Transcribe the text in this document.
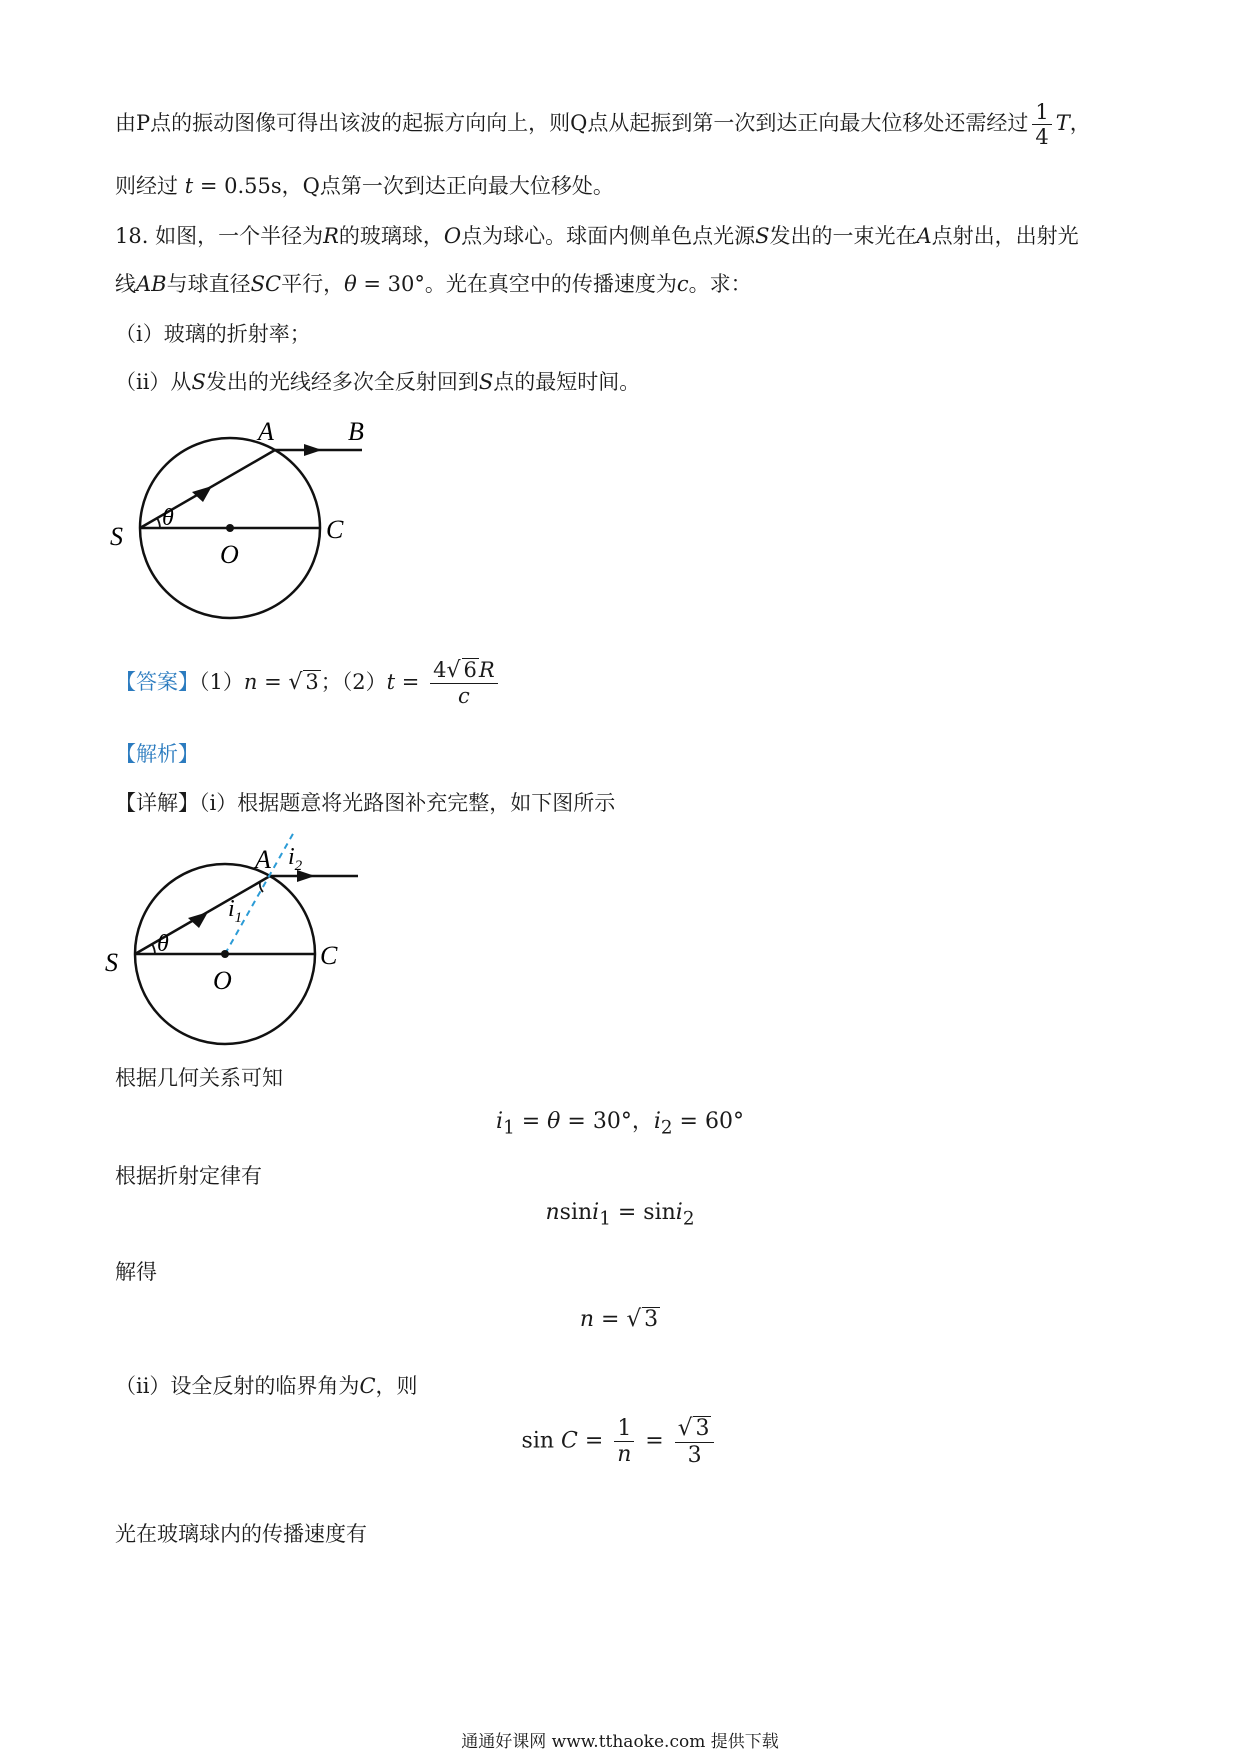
由P点的振动图像可得出该波的起振方向向上，则Q点从起振到第一次到达正向最大位移处还需经过 $\frac{1}{4}$ T，
则经过 t = 0.55s，Q点第一次到达正向最大位移处。
18. 如图，一个半径为R的玻璃球，O点为球心。球面内侧单色点光源S发出的一束光在A点射出，出射光
线AB与球直径SC平行，θ = 30°。光在真空中的传播速度为c。求：
（i）玻璃的折射率；
（ii）从S发出的光线经多次全反射回到S点的最短时间。
A	B
S
O
C
θ
【答案】（1）n = √ 3；$(2)t = \frac{4√ 6R}{c}$
【解析】
【详解】（i）根据题意将光路图补充完整，如下图所示
A $i_2$
$i_1$
S
O
C
θ
根据几何关系可知
$i_1 = \theta = 30^\circ$，$i_2 = 60^\circ$
根据折射定律有
nsini$_1$ = sini$_2$
解得
n = √ 3
（ii）设全反射的临界角为C，则
$\sin C = \frac{1}{n} = \frac{√ 3}{3}$
光在玻璃球内的传播速度有
通通好课网 www.tthaoke.com 提供下载
